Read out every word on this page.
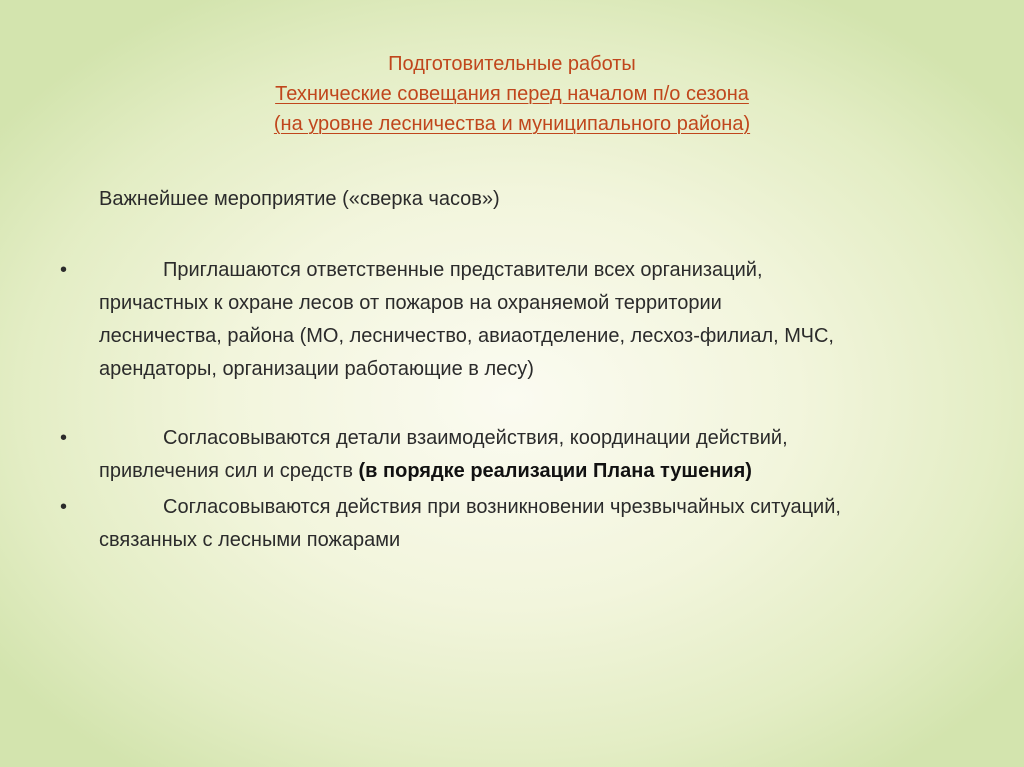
Подготовительные работы
Технические совещания перед началом п/о сезона
(на уровне лесничества и муниципального района)
Важнейшее мероприятие («сверка часов»)
•	Приглашаются ответственные представители всех организаций,
причастных к охране лесов от пожаров на охраняемой территории
лесничества, района (МО, лесничество, авиаотделение, лесхоз-филиал, МЧС,
арендаторы, организации работающие в лесу)
•	Согласовываются детали взаимодействия, координации действий,
привлечения сил и средств (в порядке реализации Плана тушения)
•	Согласовываются действия при возникновении чрезвычайных ситуаций,
связанных с лесными пожарами
